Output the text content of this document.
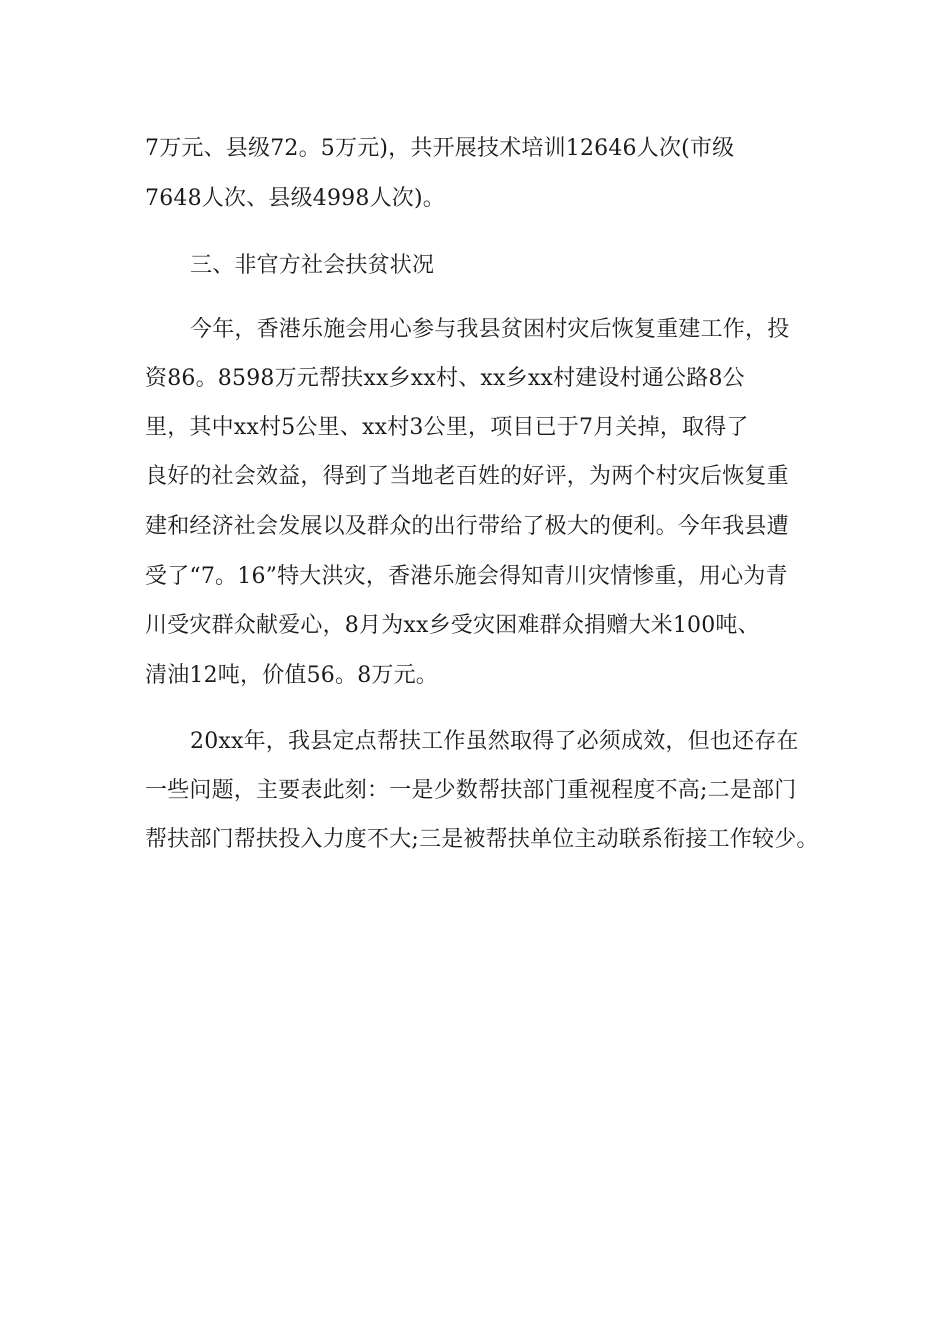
7万元、县级72。5万元)，共开展技术培训12646人次(市级
7648人次、县级4998人次)。
三、非官方社会扶贫状况
今年，香港乐施会用心参与我县贫困村灾后恢复重建工作，投
资86。8598万元帮扶xx乡xx村、xx乡xx村建设村通公路8公
里，其中xx村5公里、xx村3公里，项目已于7月关掉，取得了
良好的社会效益，得到了当地老百姓的好评，为两个村灾后恢复重
建和经济社会发展以及群众的出行带给了极大的便利。今年我县遭
受了“7。16”特大洪灾，香港乐施会得知青川灾情惨重，用心为青
川受灾群众献爱心，8月为xx乡受灾困难群众捐赠大米100吨、
清油12吨，价值56。8万元。
20xx年，我县定点帮扶工作虽然取得了必须成效，但也还存在
一些问题，主要表此刻：一是少数帮扶部门重视程度不高;二是部门
帮扶部门帮扶投入力度不大;三是被帮扶单位主动联系衔接工作较少。
